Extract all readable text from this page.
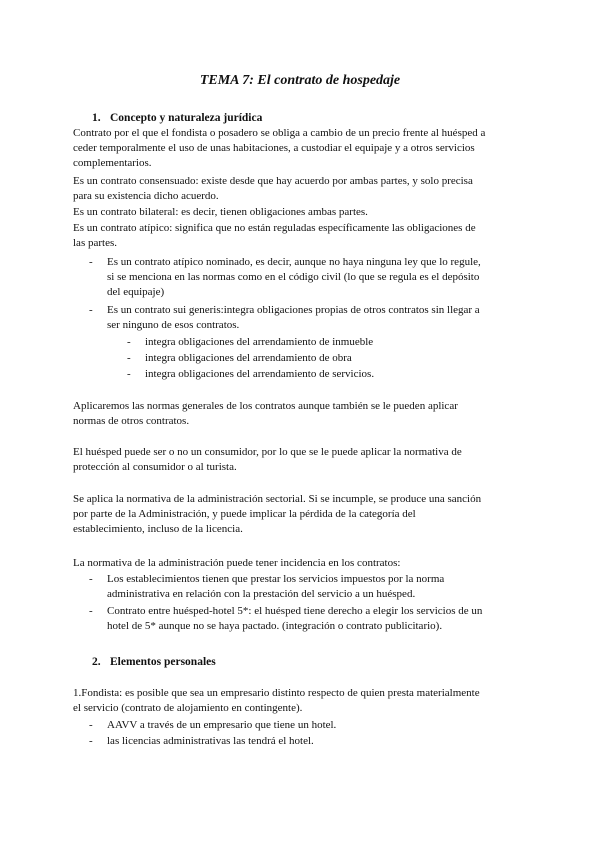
TEMA 7: El contrato de hospedaje
1. Concepto y naturaleza jurídica
Contrato por el que el fondista o posadero se obliga a cambio de un precio frente al huésped a
ceder temporalmente el uso de unas habitaciones, a custodiar el equipaje y a otros servicios
complementarios.
Es un contrato consensuado: existe desde que hay acuerdo por ambas partes, y solo precisa
para su existencia dicho acuerdo.
Es un contrato bilateral: es decir, tienen obligaciones ambas partes.
Es un contrato atípico: significa que no están reguladas específicamente las obligaciones de
las partes.
- Es un contrato atípico nominado, es decir, aunque no haya ninguna ley que lo regule,
si se menciona en las normas como en el código civil (lo que se regula es el depósito
del equipaje)
- Es un contrato sui generis:integra obligaciones propias de otros contratos sin llegar a
ser ninguno de esos contratos.
- integra obligaciones del arrendamiento de inmueble
- integra obligaciones del arrendamiento de obra
- integra obligaciones del arrendamiento de servicios.
Aplicaremos las normas generales de los contratos aunque también se le pueden aplicar
normas de otros contratos.
El huésped puede ser o no un consumidor, por lo que se le puede aplicar la normativa de
protección al consumidor o al turista.
Se aplica la normativa de la administración sectorial. Si se incumple, se produce una sanción
por parte de la Administración, y puede implicar la pérdida de la categoría del
establecimiento, incluso de la licencia.
La normativa de la administración puede tener incidencia en los contratos:
- Los establecimientos tienen que prestar los servicios impuestos por la norma
administrativa en relación con la prestación del servicio a un huésped.
- Contrato entre huésped-hotel 5*: el huésped tiene derecho a elegir los servicios de un
hotel de 5* aunque no se haya pactado. (integración o contrato publicitario).
2. Elementos personales
1.Fondista: es posible que sea un empresario distinto respecto de quien presta materialmente
el servicio (contrato de alojamiento en contingente).
- AAVV a través de un empresario que tiene un hotel.
- las licencias administrativas las tendrá el hotel.
